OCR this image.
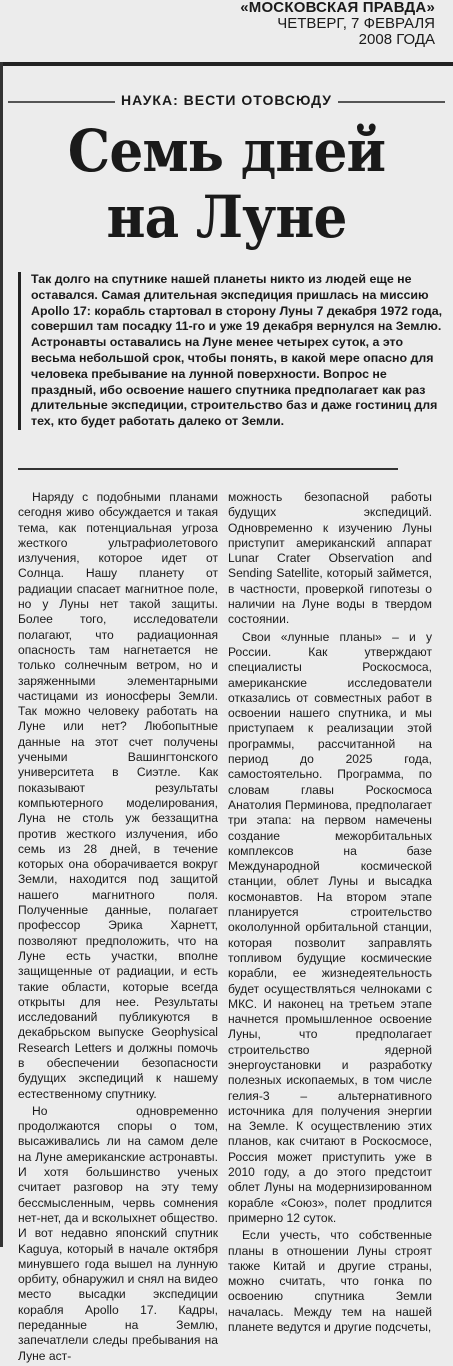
«МОСКОВСКАЯ ПРАВДА»
ЧЕТВЕРГ, 7 ФЕВРАЛЯ
2008 ГОДА
НАУКА: ВЕСТИ ОТОВСЮДУ
Семь дней
на Луне
Так долго на спутнике нашей планеты никто из людей еще не оставался. Самая длительная экспедиция пришлась на миссию Apollo 17: корабль стартовал в сторону Луны 7 декабря 1972 года, совершил там посадку 11-го и уже 19 декабря вернулся на Землю. Астронавты оставались на Луне менее четырех суток, а это весьма небольшой срок, чтобы понять, в какой мере опасно для человека пребывание на лунной поверхности. Вопрос не праздный, ибо освоение нашего спутника предполагает как раз длительные экспедиции, строительство баз и даже гостиниц для тех, кто будет работать далеко от Земли.

Наряду с подобными планами сегодня живо обсуждается и такая тема, как потенциальная угроза жесткого ультрафиолетового излучения, которое идет от Солнца. Нашу планету от радиации спасает магнитное поле, но у Луны нет такой защиты. Более того, исследователи полагают, что радиационная опасность там нагнетается не только солнечным ветром, но и заряженными элементарными частицами из ионосферы Земли. Так можно человеку работать на Луне или нет? Любопытные данные на этот счет получены учеными Вашингтонского университета в Сиэтле. Как показывают результаты компьютерного моделирования, Луна не столь уж беззащитна против жесткого излучения, ибо семь из 28 дней, в течение которых она оборачивается вокруг Земли, находится под защитой нашего магнитного поля. Полученные данные, полагает профессор Эрика Харнетт, позволяют предположить, что на Луне есть участки, вполне защищенные от радиации, и есть такие области, которые всегда открыты для нее. Результаты исследований публикуются в декабрьском выпуске Geophysical Research Letters и должны помочь в обеспечении безопасности будущих экспедиций к нашему естественному спутнику.

Но одновременно продолжаются споры о том, высаживались ли на самом деле на Луне американские астронавты. И хотя большинство ученых считает разговор на эту тему бессмысленным, червь сомнения нет-нет, да и всколыхнет общество. И вот недавно японский спутник Kaguya, который в начале октября минувшего года вышел на лунную орбиту, обнаружил и снял на видео место высадки экспедиции корабля Apollo 17. Кадры, переданные на Землю, запечатлели следы пребывания на Луне аст-

можность безопасной работы будущих экспедиций. Одновременно к изучению Луны приступит американский аппарат Lunar Crater Observation and Sending Satellite, который займется, в частности, проверкой гипотезы о наличии на Луне воды в твердом состоянии.

Свои «лунные планы» – и у России. Как утверждают специалисты Роскосмоса, американские исследователи отказались от совместных работ в освоении нашего спутника, и мы приступаем к реализации этой программы, рассчитанной на период до 2025 года, самостоятельно. Программа, по словам главы Роскосмоса Анатолия Перминова, предполагает три этапа: на первом намечены создание межорбитальных комплексов на базе Международной космической станции, облет Луны и высадка космонавтов. На втором этапе планируется строительство окололунной орбитальной станции, которая позволит заправлять топливом будущие космические корабли, ее жизнедеятельность будет осуществляться челноками с МКС. И наконец на третьем этапе начнется промышленное освоение Луны, что предполагает строительство ядерной энергоустановки и разработку полезных ископаемых, в том числе гелия-3 – альтернативного источника для получения энергии на Земле. К осуществлению этих планов, как считают в Роскосмосе, Россия может приступить уже в 2010 году, а до этого предстоит облет Луны на модернизированном корабле «Союз», полет продлится примерно 12 суток.

Если учесть, что собственные планы в отношении Луны строят также Китай и другие страны, можно считать, что гонка по освоению спутника Земли началась. Между тем на нашей планете ведутся и другие подсчеты,
